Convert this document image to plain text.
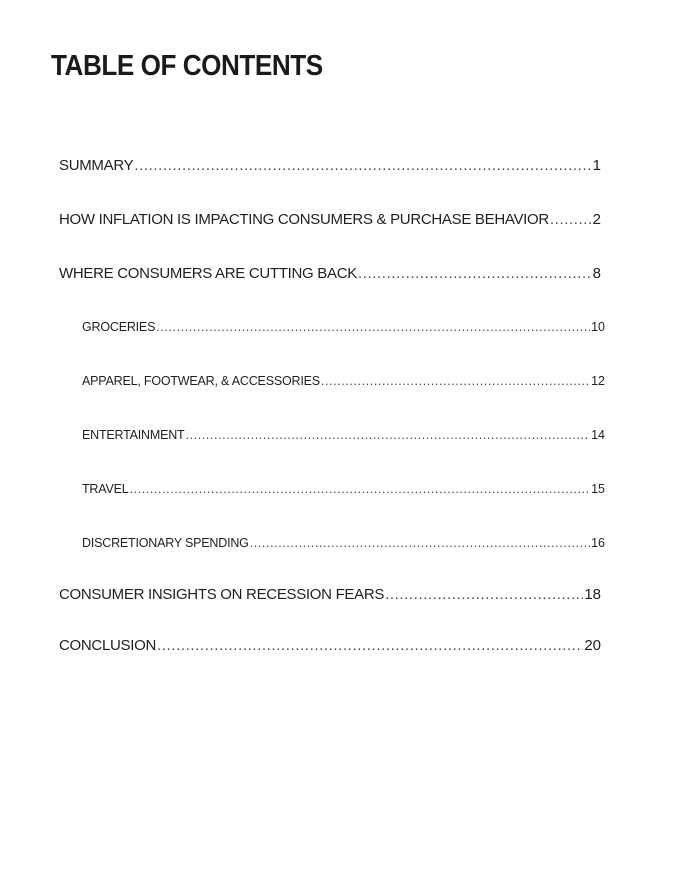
TABLE OF CONTENTS
SUMMARY .....	1
HOW INFLATION IS IMPACTING CONSUMERS & PURCHASE BEHAVIOR .....	2
WHERE CONSUMERS ARE CUTTING BACK .....	8
GROCERIES .....	10
APPAREL, FOOTWEAR, & ACCESSORIES .....	12
ENTERTAINMENT .....	14
TRAVEL .....	15
DISCRETIONARY SPENDING .....	16
CONSUMER INSIGHTS ON RECESSION FEARS .....	18
CONCLUSION .....	20
